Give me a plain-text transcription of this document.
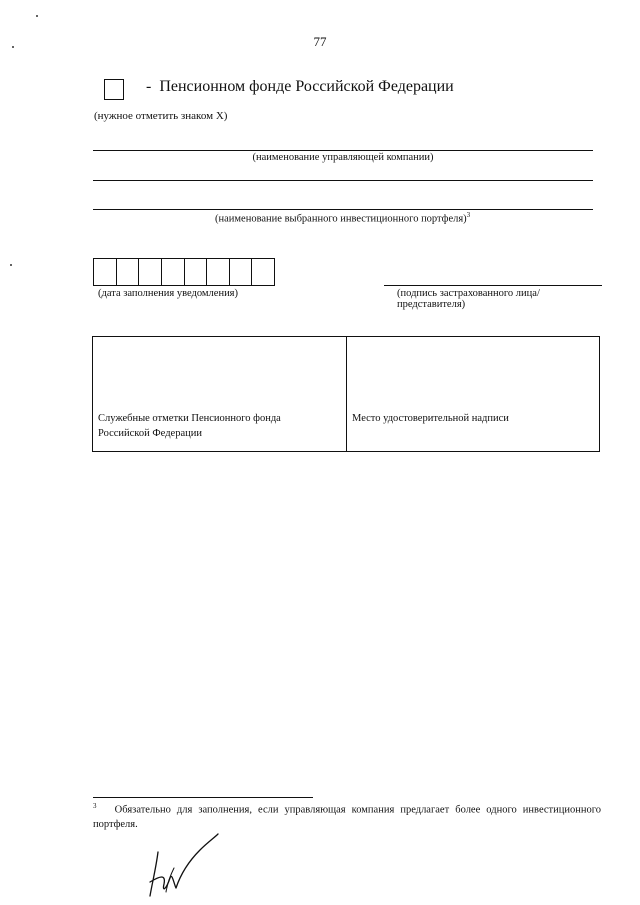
77
- Пенсионном фонде Российской Федерации
(нужное отметить знаком X)
(наименование управляющей компании)
(наименование выбранного инвестиционного портфеля)$^3$
(дата заполнения уведомления)	(подпись застрахованного лица/
представителя)
Служебные отметки Пенсионного фонда
Российской Федерации
Место удостоверительной надписи
$^3$ Обязательно для заполнения, если управляющая компания предлагает более одного инвестиционного портфеля.
